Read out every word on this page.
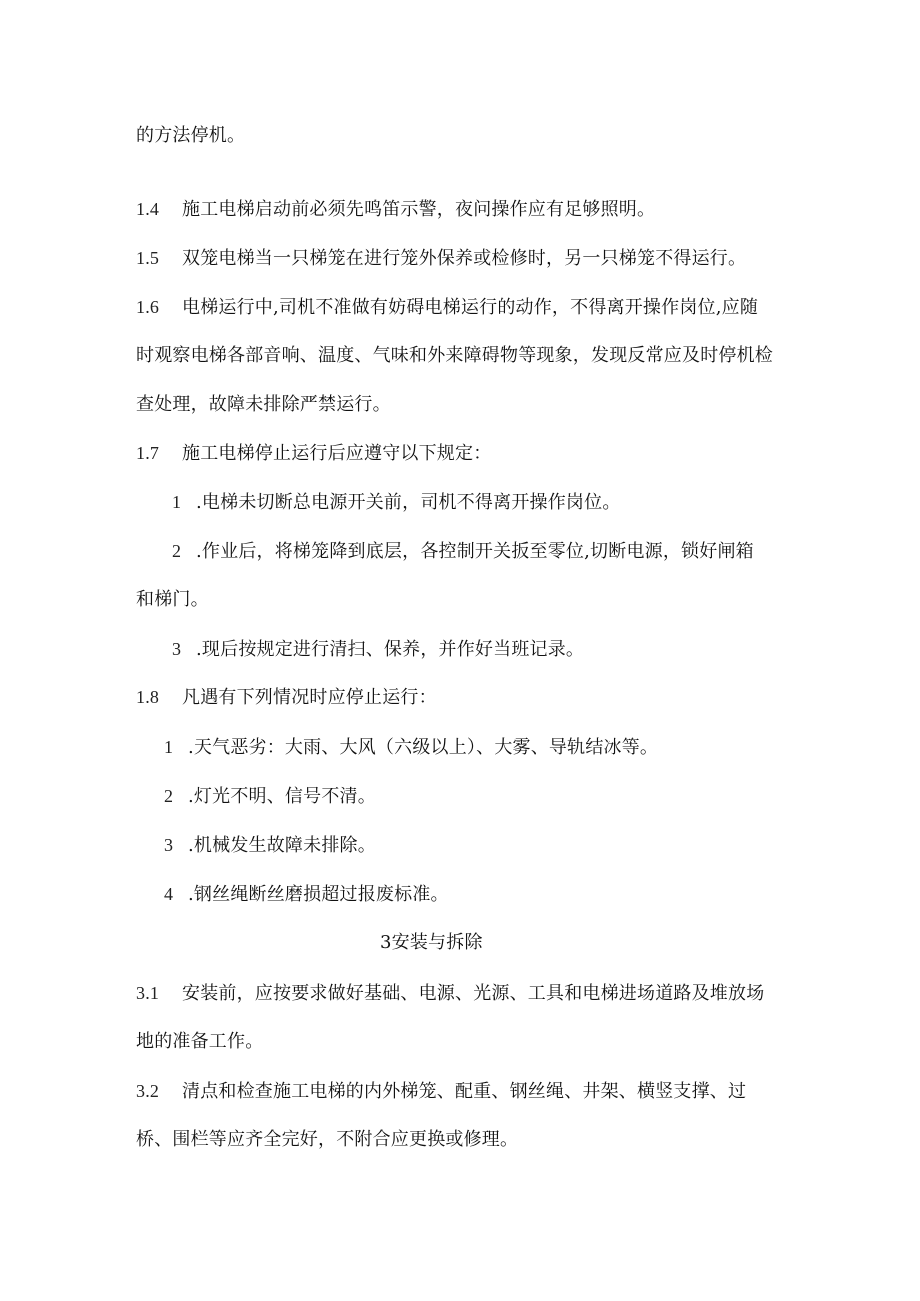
的方法停机。
1.4 施工电梯启动前必须先鸣笛示警，夜问操作应有足够照明。
1.5 双笼电梯当一只梯笼在进行笼外保养或检修时，另一只梯笼不得运行。
1.6 电梯运行中,司机不准做有妨碍电梯运行的动作，不得离开操作岗位,应随
时观察电梯各部音响、温度、气味和外来障碍物等现象，发现反常应及时停机检
查处理，故障未排除严禁运行。
1.7 施工电梯停止运行后应遵守以下规定：
1 .电梯未切断总电源开关前，司机不得离开操作岗位。
2 .作业后，将梯笼降到底层，各控制开关扳至零位,切断电源，锁好闸箱
和梯门。
3 .现后按规定进行清扫、保养，并作好当班记录。
1.8 凡遇有下列情况时应停止运行：
1 .天气恶劣：大雨、大风（六级以上）、大雾、导轨结冰等。
2 .灯光不明、信号不清。
3 .机械发生故障未排除。
4 .钢丝绳断丝磨损超过报废标准。
3安装与拆除
3.1 安装前，应按要求做好基础、电源、光源、工具和电梯进场道路及堆放场
地的准备工作。
3.2 清点和检查施工电梯的内外梯笼、配重、钢丝绳、井架、横竖支撑、过
桥、围栏等应齐全完好，不附合应更换或修理。
